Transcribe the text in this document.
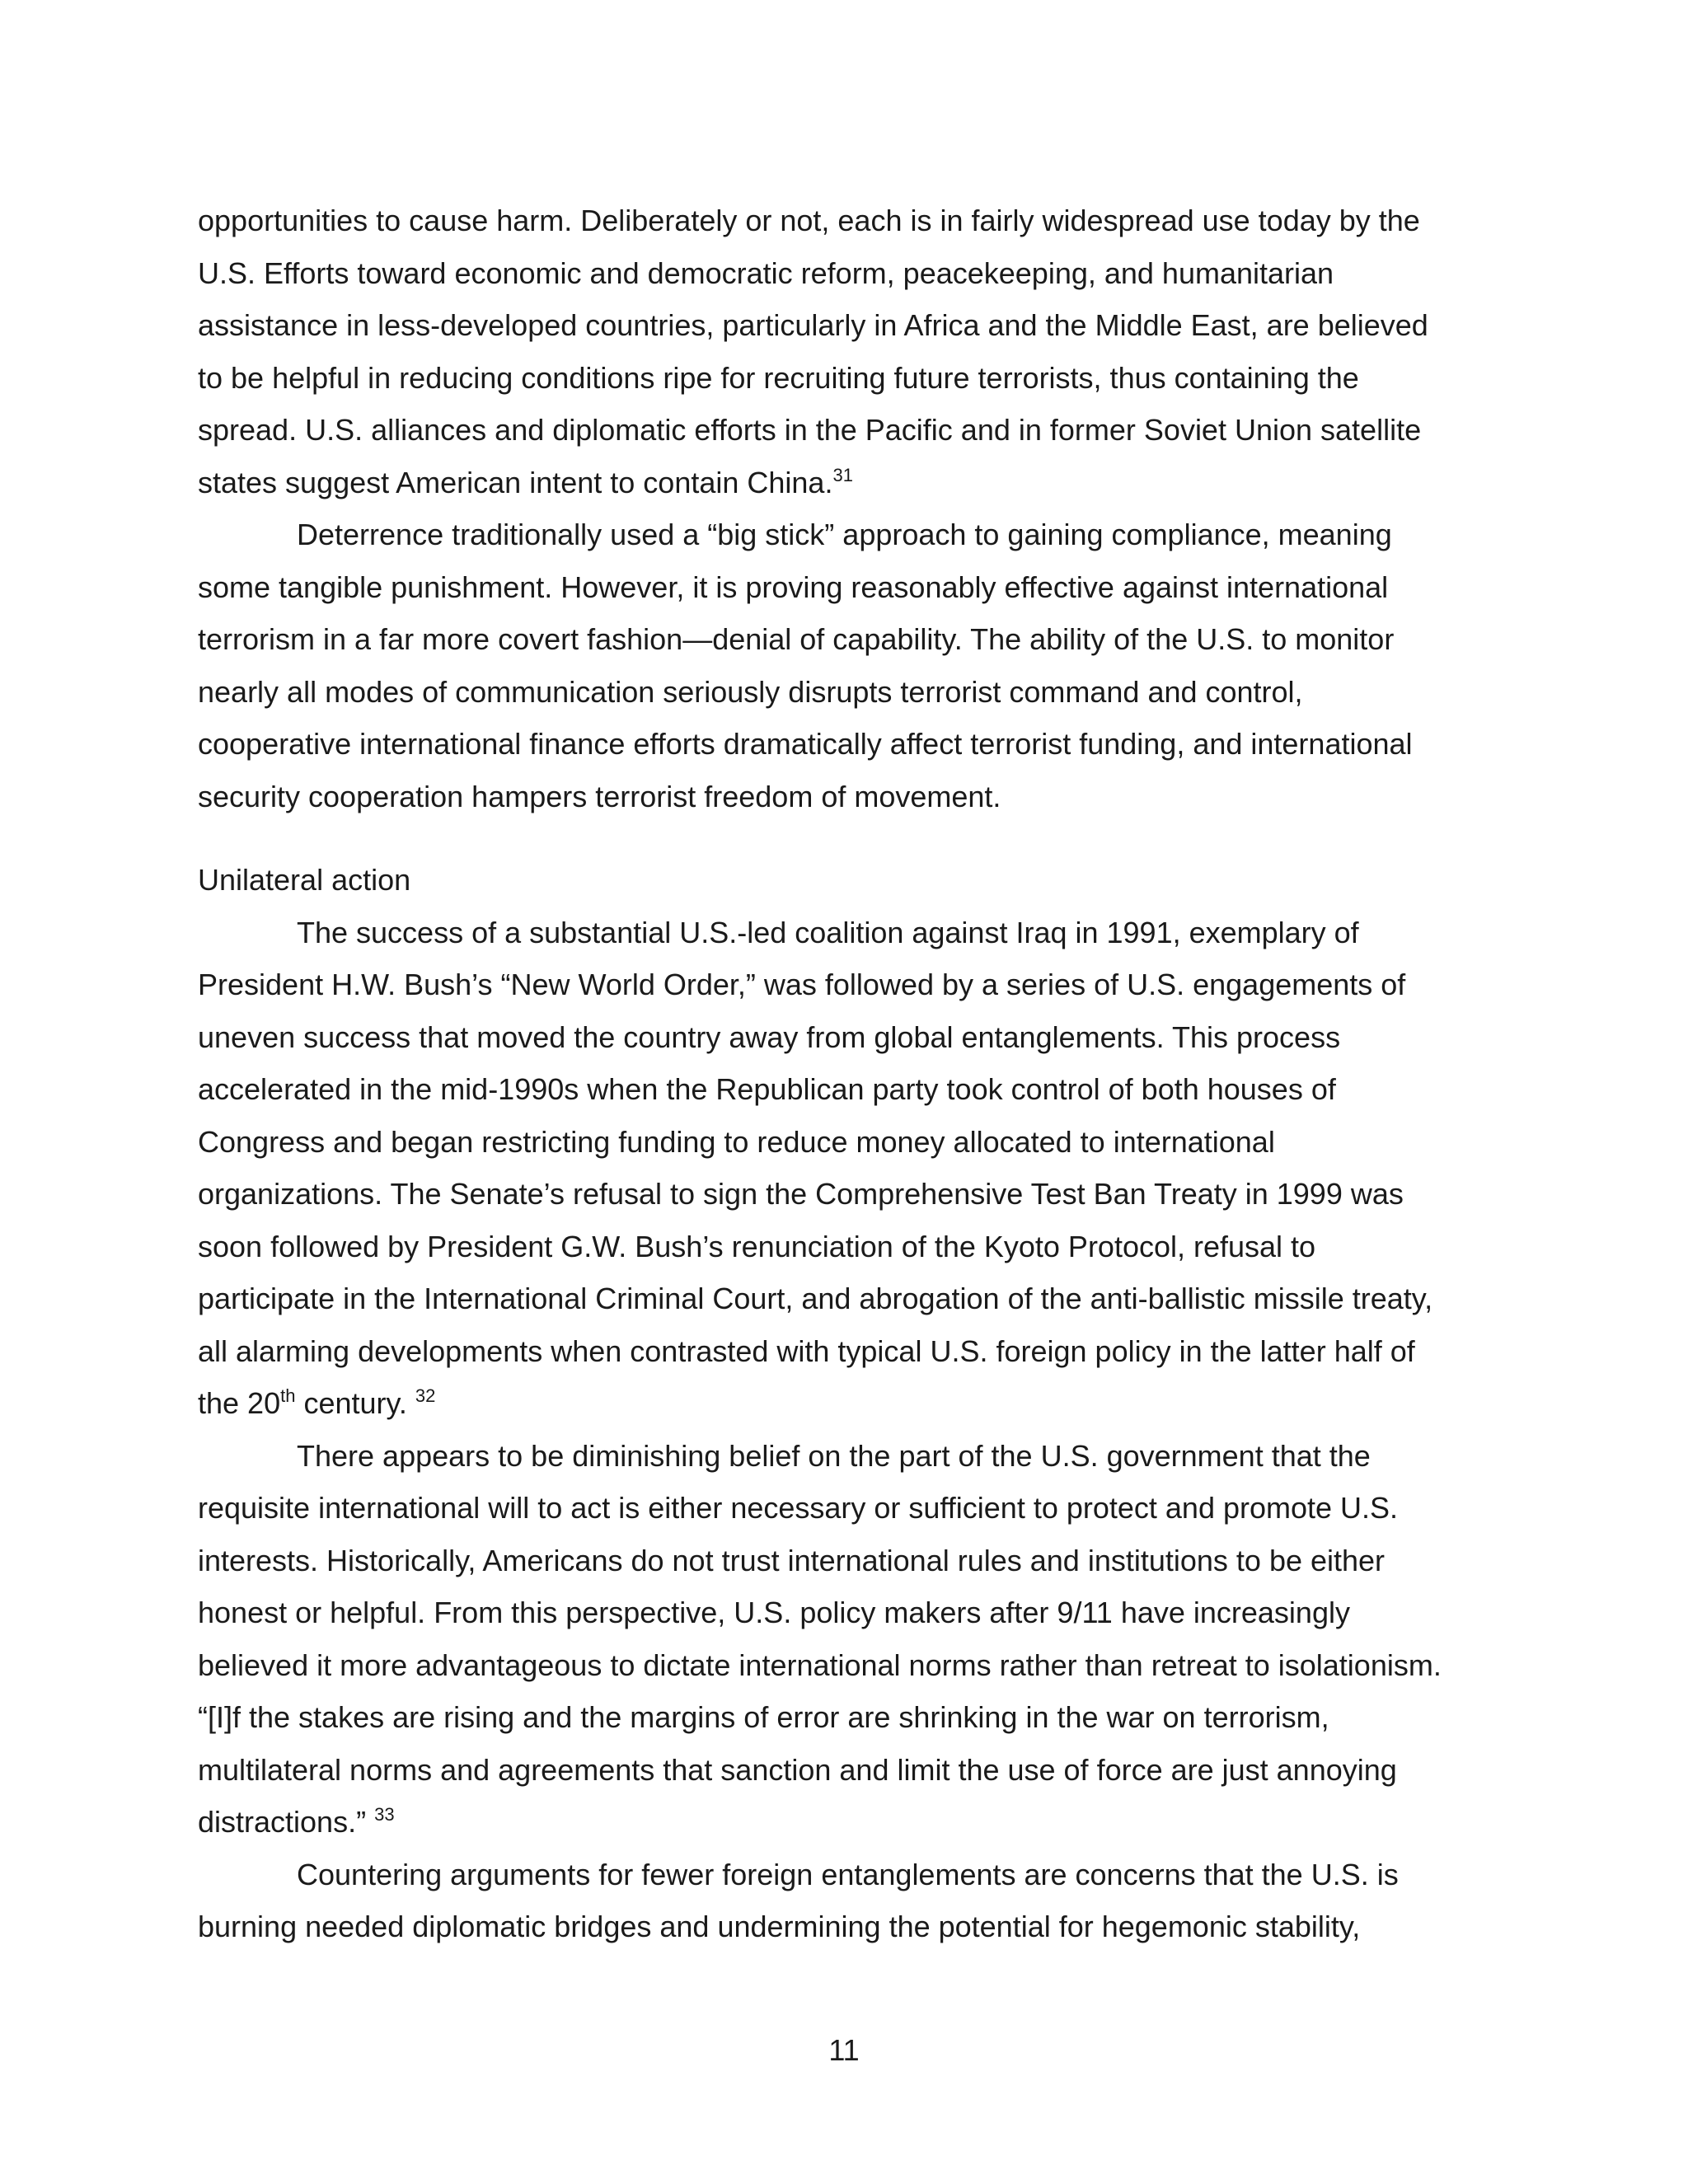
opportunities to cause harm. Deliberately or not, each is in fairly widespread use today by the
U.S. Efforts toward economic and democratic reform, peacekeeping, and humanitarian
assistance in less-developed countries, particularly in Africa and the Middle East, are believed
to be helpful in reducing conditions ripe for recruiting future terrorists, thus containing the
spread. U.S. alliances and diplomatic efforts in the Pacific and in former Soviet Union satellite
states suggest American intent to contain China.$^{31}$
Deterrence traditionally used a “big stick” approach to gaining compliance, meaning
some tangible punishment. However, it is proving reasonably effective against international
terrorism in a far more covert fashion—denial of capability. The ability of the U.S. to monitor
nearly all modes of communication seriously disrupts terrorist command and control,
cooperative international finance efforts dramatically affect terrorist funding, and international
security cooperation hampers terrorist freedom of movement.
Unilateral action
The success of a substantial U.S.-led coalition against Iraq in 1991, exemplary of
President H.W. Bush’s “New World Order,” was followed by a series of U.S. engagements of
uneven success that moved the country away from global entanglements. This process
accelerated in the mid-1990s when the Republican party took control of both houses of
Congress and began restricting funding to reduce money allocated to international
organizations. The Senate’s refusal to sign the Comprehensive Test Ban Treaty in 1999 was
soon followed by President G.W. Bush’s renunciation of the Kyoto Protocol, refusal to
participate in the International Criminal Court, and abrogation of the anti-ballistic missile treaty,
all alarming developments when contrasted with typical U.S. foreign policy in the latter half of
the 20th century. $^{32}$
There appears to be diminishing belief on the part of the U.S. government that the
requisite international will to act is either necessary or sufficient to protect and promote U.S.
interests. Historically, Americans do not trust international rules and institutions to be either
honest or helpful. From this perspective, U.S. policy makers after 9/11 have increasingly
believed it more advantageous to dictate international norms rather than retreat to isolationism.
“[I]f the stakes are rising and the margins of error are shrinking in the war on terrorism,
multilateral norms and agreements that sanction and limit the use of force are just annoying
distractions.” $^{33}$
Countering arguments for fewer foreign entanglements are concerns that the U.S. is
burning needed diplomatic bridges and undermining the potential for hegemonic stability,
11
